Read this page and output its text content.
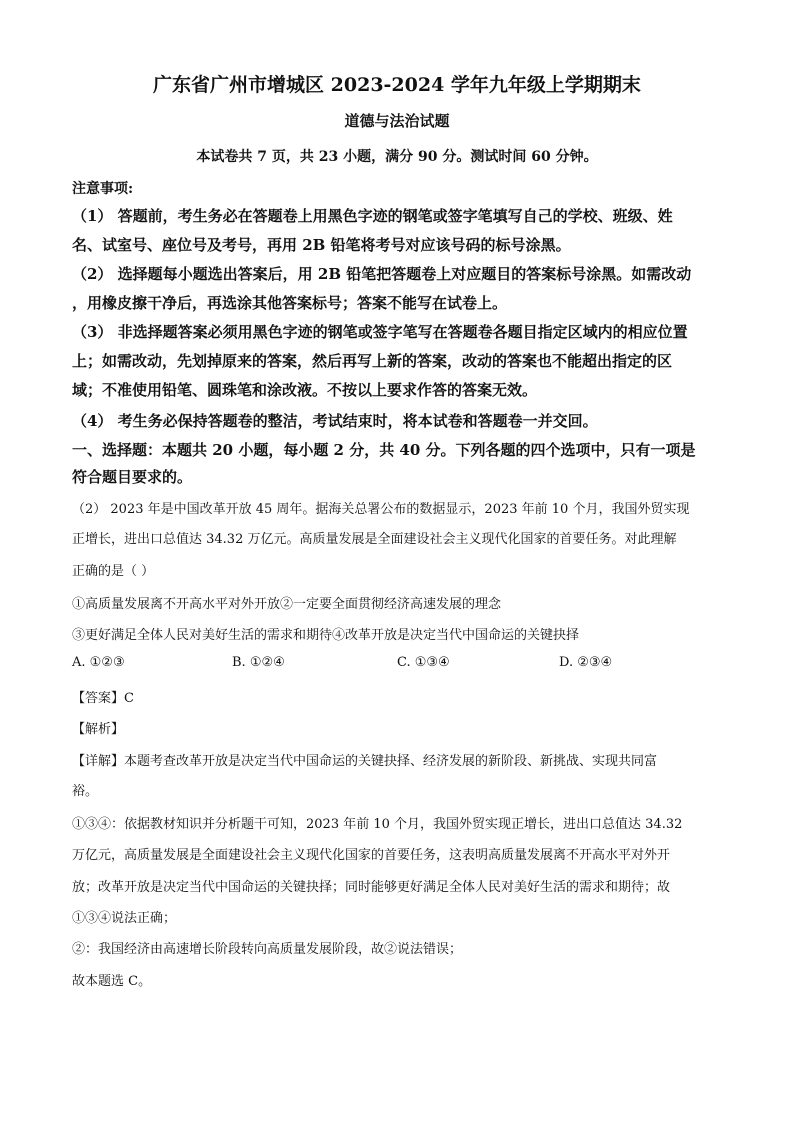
广东省广州市增城区 2023-2024 学年九年级上学期期末
道德与法治试题
本试卷共 7 页，共 23 小题，满分 90 分。测试时间 60 分钟。
注意事项:
（1） 答题前，考生务必在答题卷上用黑色字迹的钢笔或签字笔填写自己的学校、班级、姓
名、试室号、座位号及考号，再用 2B 铅笔将考号对应该号码的标号涂黑。
（2） 选择题每小题选出答案后，用 2B 铅笔把答题卷上对应题目的答案标号涂黑。如需改动
，用橡皮擦干净后，再选涂其他答案标号；答案不能写在试卷上。
（3） 非选择题答案必须用黑色字迹的钢笔或签字笔写在答题卷各题目指定区域内的相应位置
上；如需改动，先划掉原来的答案，然后再写上新的答案，改动的答案也不能超出指定的区
域；不准使用铅笔、圆珠笔和涂改液。不按以上要求作答的答案无效。
（4） 考生务必保持答题卷的整洁，考试结束时，将本试卷和答题卷一并交回。
一、选择题：本题共 20 小题，每小题 2 分，共 40 分。下列各题的四个选项中，只有一项是
符合题目要求的。
（2） 2023 年是中国改革开放 45 周年。据海关总署公布的数据显示，2023 年前 10 个月，我国外贸实现
正增长，进出口总值达 34.32 万亿元。高质量发展是全面建设社会主义现代化国家的首要任务。对此理解
正确的是（ ）
①高质量发展离不开高水平对外开放②一定要全面贯彻经济高速发展的理念
③更好满足全体人民对美好生活的需求和期待④改革开放是决定当代中国命运的关键抉择
A. ①②③	B. ①②④	C. ①③④	D. ②③④
【答案】C
【解析】
【详解】本题考查改革开放是决定当代中国命运的关键抉择、经济发展的新阶段、新挑战、实现共同富
裕。
①③④：依据教材知识并分析题干可知，2023 年前 10 个月，我国外贸实现正增长，进出口总值达 34.32
万亿元，高质量发展是全面建设社会主义现代化国家的首要任务，这表明高质量发展离不开高水平对外开
放；改革开放是决定当代中国命运的关键抉择；同时能够更好满足全体人民对美好生活的需求和期待；故
①③④说法正确；
②：我国经济由高速增长阶段转向高质量发展阶段，故②说法错误；
故本题选 C。
